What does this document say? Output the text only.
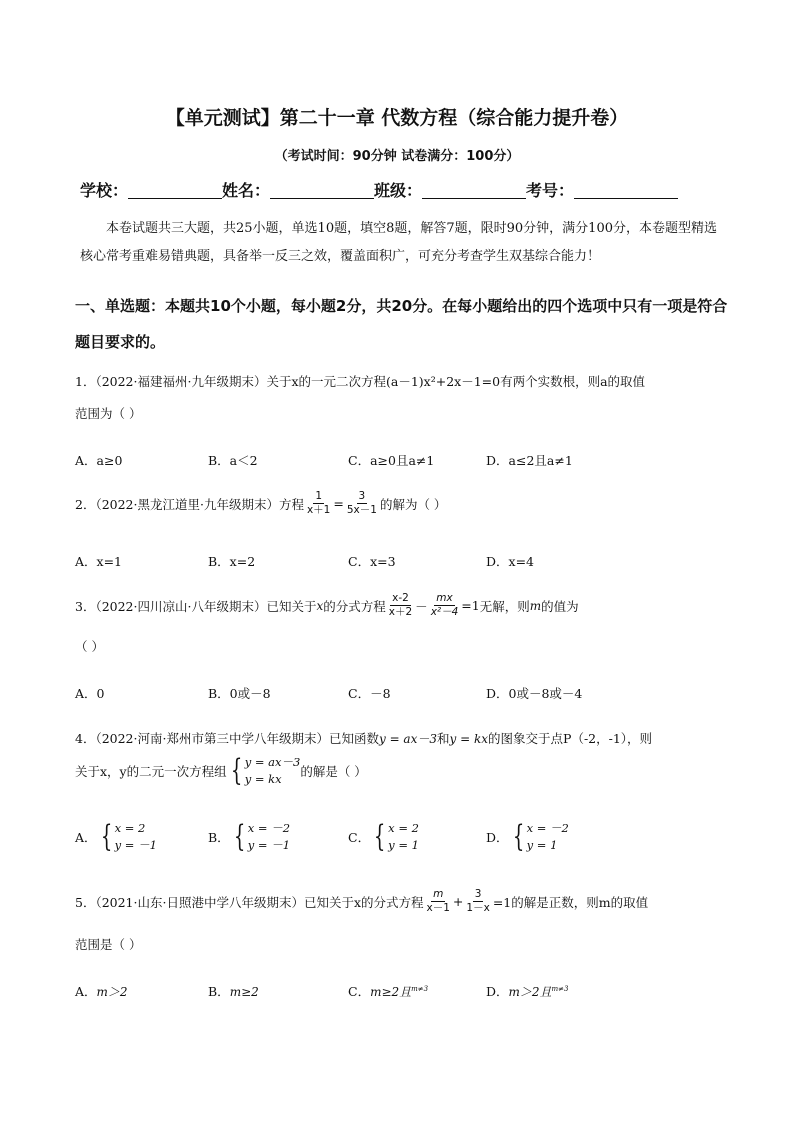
【单元测试】第二十一章 代数方程（综合能力提升卷）
（考试时间：90分钟 试卷满分：100分）
学校：	姓名：	班级：	考号：
本卷试题共三大题，共25小题，单选10题，填空8题，解答7题，限时90分钟，满分100分，本卷题型精选核心常考重难易错典题，具备举一反三之效，覆盖面积广，可充分考查学生双基综合能力！
一、单选题：本题共10个小题，每小题2分，共20分。在每小题给出的四个选项中只有一项是符合题目要求的。
1．（2022·福建福州·九年级期末）关于x的一元二次方程(a－1)x²+2x－1=0有两个实数根，则a的取值
范围为（ ）
A．a≥0	B．a＜2	C．a≥0且a≠1	D．a≤2且a≠1
2．（2022·黑龙江道里·九年级期末）方程 $\frac{1}{x+1} = \frac{3}{5x-1}$ 的解为（ ）
A．x=1	B．x=2	C．x=3	D．x=4
3．（2022·四川凉山·八年级期末）已知关于 x 的分式方程 $\frac{x-2}{x+2} - \frac{mx}{\text{x²－4}} =1$ 无解，则 m 的值为
（ ）
A．0	B．0或－8	C．－8	D．0或－8或－4
4．（2022·河南·郑州市第三中学八年级期末）已知函数y = ax－3和y = kx的图象交于点P（-2，-1），则
关于x，y的二元一次方程组 { y = ax－3
y = kx	的解是（ ）
A． { x = 2
y = －1	B． { x = －2
y = －1	C． { x = 2
y = 1	D． { x = －2
y = 1
5．（2021·山东·日照港中学八年级期末）已知关于x的分式方程 $\frac{m}{x-1} + \frac{3}{1-x} =1$的解是正数，则m的取值
范围是（ ）
A．m＞2	B．m≥2	C．m≥2且$^{m\ne 3}$	D．m＞2且$^{m\ne 3}$
